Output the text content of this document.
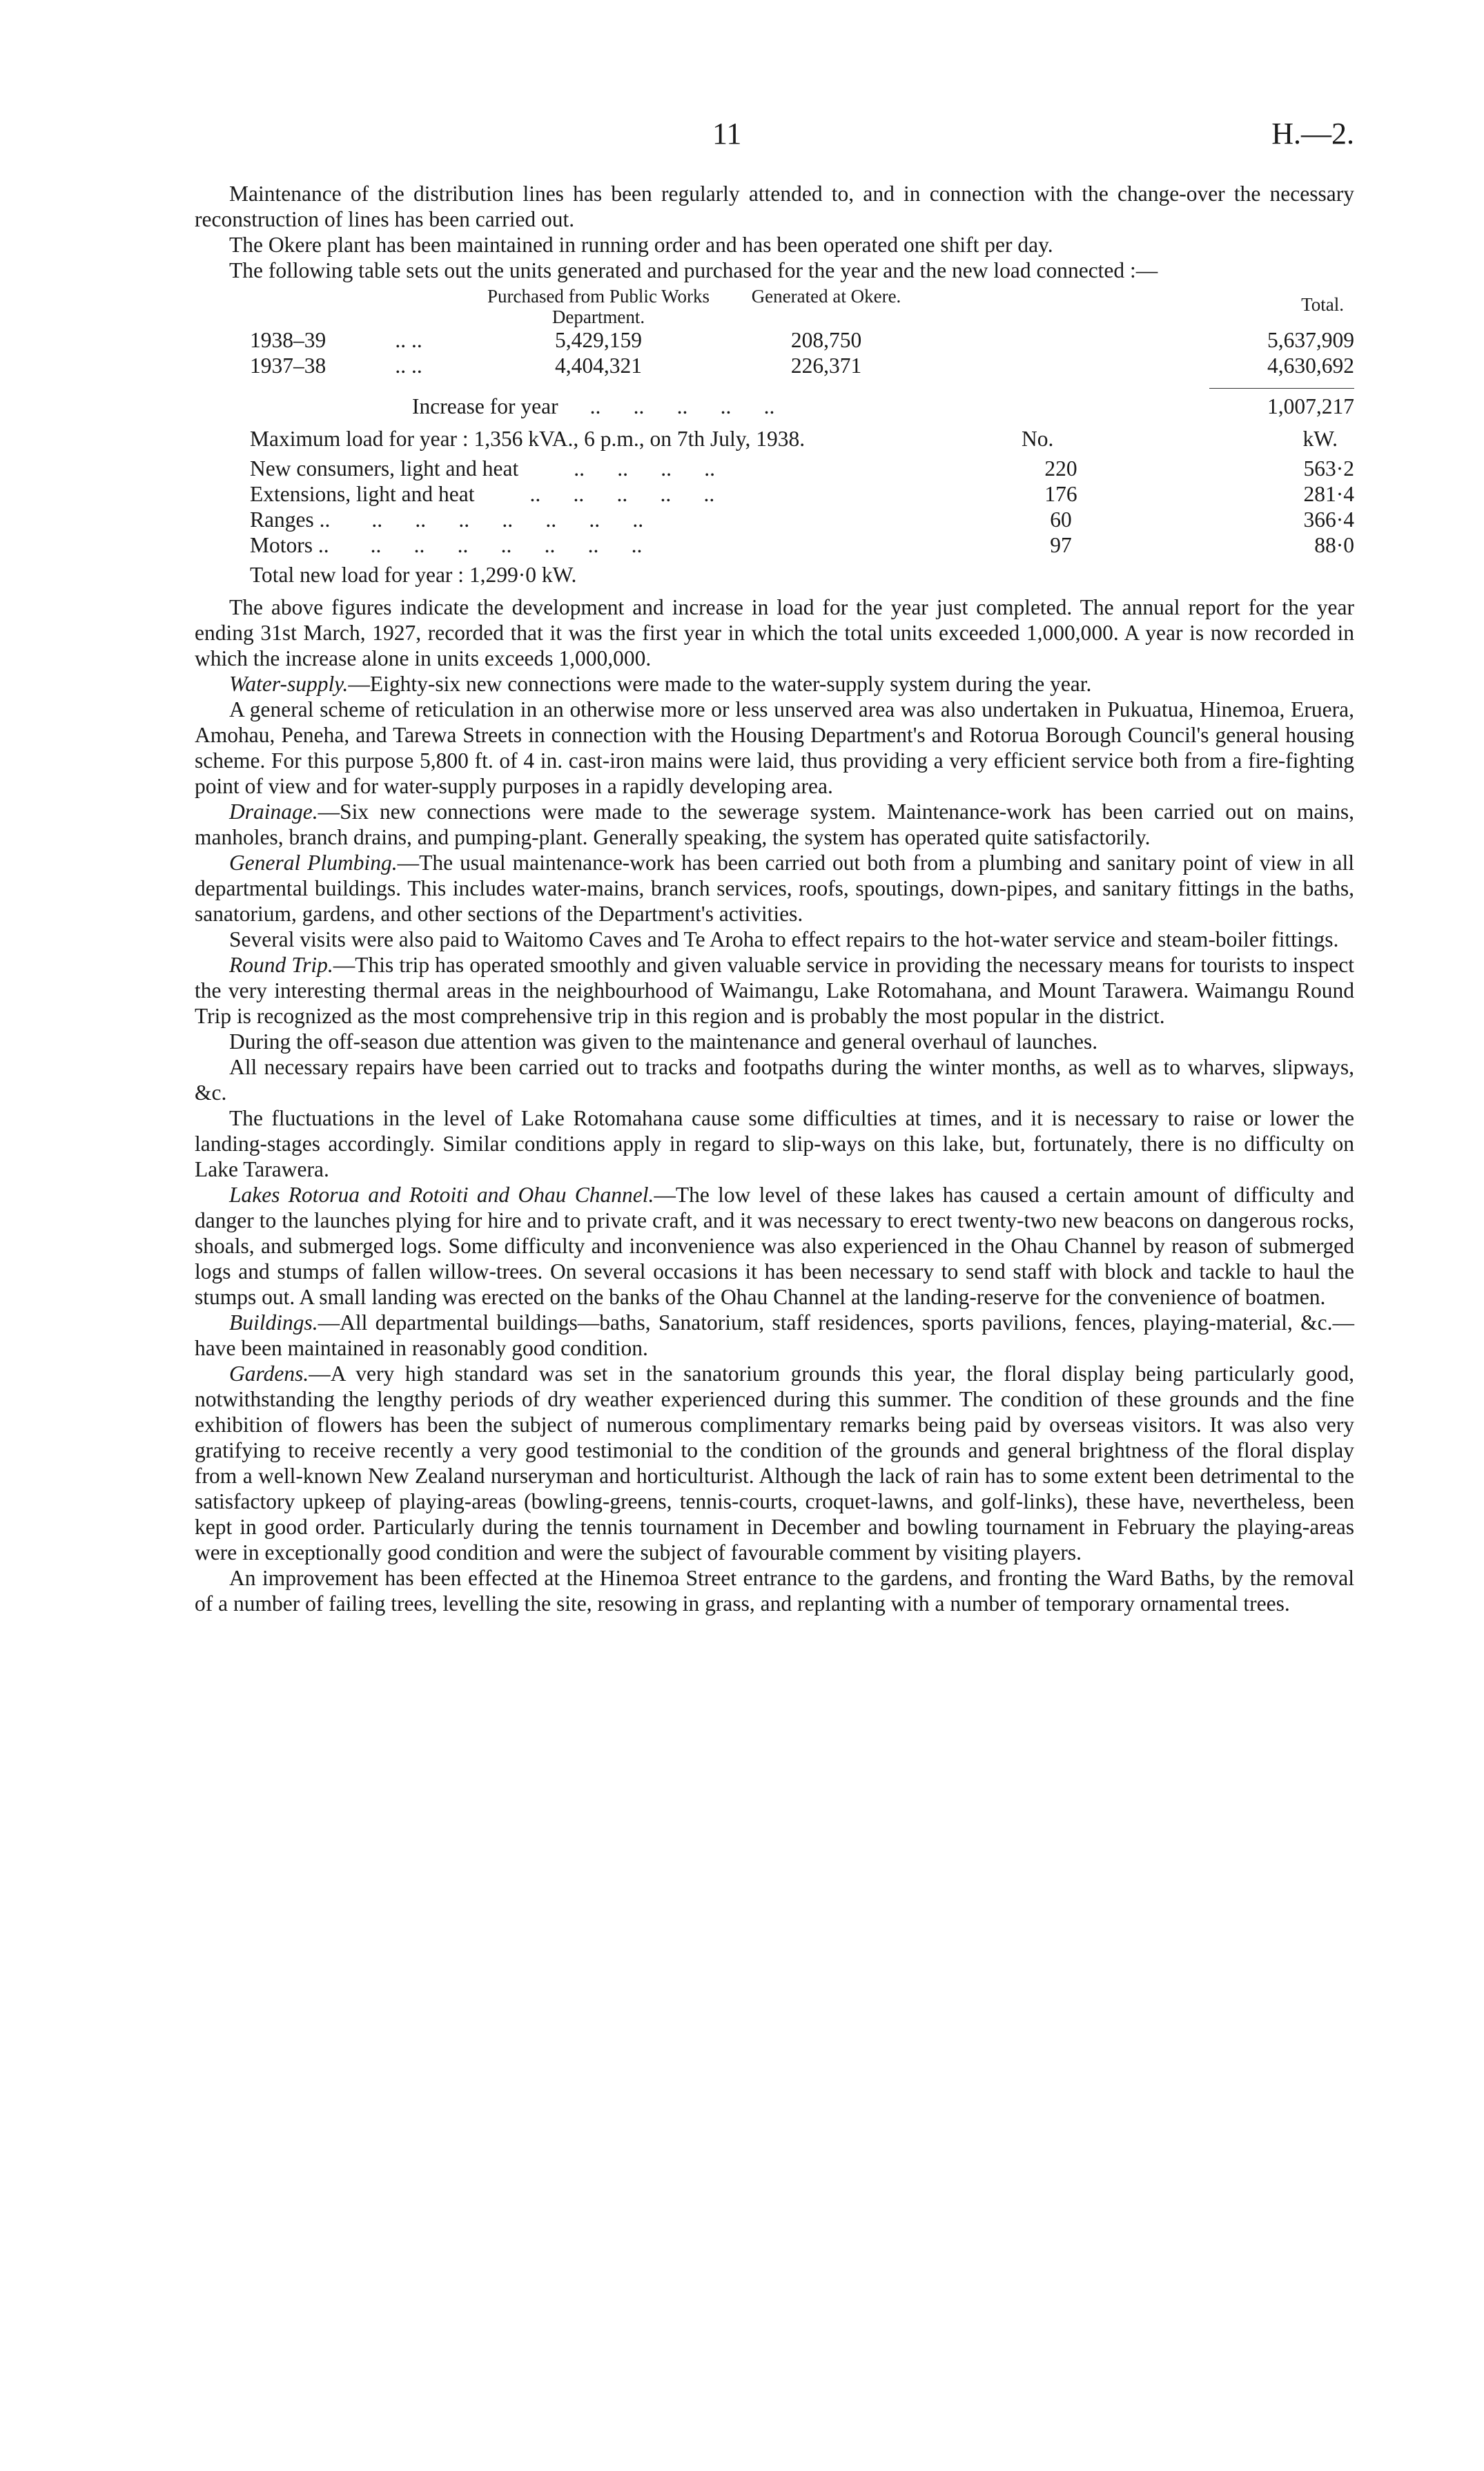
11	H.—2.

Maintenance of the distribution lines has been regularly attended to, and in connection with the change-over the necessary reconstruction of lines has been carried out.

The Okere plant has been maintained in running order and has been operated one shift per day.

The following table sets out the units generated and purchased for the year and the new load connected :—

		Purchased from Public Works Department.	Generated at Okere.	Total.
1938–39	.. ..	5,429,159	208,750	5,637,909
1937–38	.. ..	4,404,321	226,371	4,630,692

	Increase for year ..      ..      ..      ..      ..			1,007,217
Maximum load for year : 1,356 kVA., 6 p.m., on 7th July, 1938.	No.	kW.

New consumers, light and heat ..      ..      ..      ..	220	563·2
Extensions, light and heat ..      ..      ..      ..      ..	176	281·4
Ranges .. ..      ..      ..      ..      ..      ..      ..	60	366·4
Motors .. ..      ..      ..      ..      ..      ..      ..	97	88·0

Total new load for year : 1,299·0 kW.		

The above figures indicate the development and increase in load for the year just completed. The annual report for the year ending 31st March, 1927, recorded that it was the first year in which the total units exceeded 1,000,000. A year is now recorded in which the increase alone in units exceeds 1,000,000.

Water-supply.—Eighty-six new connections were made to the water-supply system during the year.

A general scheme of reticulation in an otherwise more or less unserved area was also undertaken in Pukuatua, Hinemoa, Eruera, Amohau, Peneha, and Tarewa Streets in connection with the Housing Department's and Rotorua Borough Council's general housing scheme. For this purpose 5,800 ft. of 4 in. cast-iron mains were laid, thus providing a very efficient service both from a fire-fighting point of view and for water-supply purposes in a rapidly developing area.

Drainage.—Six new connections were made to the sewerage system. Maintenance-work has been carried out on mains, manholes, branch drains, and pumping-plant. Generally speaking, the system has operated quite satisfactorily.

General Plumbing.—The usual maintenance-work has been carried out both from a plumbing and sanitary point of view in all departmental buildings. This includes water-mains, branch services, roofs, spoutings, down-pipes, and sanitary fittings in the baths, sanatorium, gardens, and other sections of the Department's activities.

Several visits were also paid to Waitomo Caves and Te Aroha to effect repairs to the hot-water service and steam-boiler fittings.

Round Trip.—This trip has operated smoothly and given valuable service in providing the necessary means for tourists to inspect the very interesting thermal areas in the neighbourhood of Waimangu, Lake Rotomahana, and Mount Tarawera. Waimangu Round Trip is recognized as the most comprehensive trip in this region and is probably the most popular in the district.

During the off-season due attention was given to the maintenance and general overhaul of launches.

All necessary repairs have been carried out to tracks and footpaths during the winter months, as well as to wharves, slipways, &c.

The fluctuations in the level of Lake Rotomahana cause some difficulties at times, and it is necessary to raise or lower the landing-stages accordingly. Similar conditions apply in regard to slip-ways on this lake, but, fortunately, there is no difficulty on Lake Tarawera.

Lakes Rotorua and Rotoiti and Ohau Channel.—The low level of these lakes has caused a certain amount of difficulty and danger to the launches plying for hire and to private craft, and it was necessary to erect twenty-two new beacons on dangerous rocks, shoals, and submerged logs. Some difficulty and inconvenience was also experienced in the Ohau Channel by reason of submerged logs and stumps of fallen willow-trees. On several occasions it has been necessary to send staff with block and tackle to haul the stumps out. A small landing was erected on the banks of the Ohau Channel at the landing-reserve for the convenience of boatmen.

Buildings.—All departmental buildings—baths, Sanatorium, staff residences, sports pavilions, fences, playing-material, &c.—have been maintained in reasonably good condition.

Gardens.—A very high standard was set in the sanatorium grounds this year, the floral display being particularly good, notwithstanding the lengthy periods of dry weather experienced during this summer. The condition of these grounds and the fine exhibition of flowers has been the subject of numerous complimentary remarks being paid by overseas visitors. It was also very gratifying to receive recently a very good testimonial to the condition of the grounds and general brightness of the floral display from a well-known New Zealand nurseryman and horticulturist. Although the lack of rain has to some extent been detrimental to the satisfactory upkeep of playing-areas (bowling-greens, tennis-courts, croquet-lawns, and golf-links), these have, nevertheless, been kept in good order. Particularly during the tennis tournament in December and bowling tournament in February the playing-areas were in exceptionally good condition and were the subject of favourable comment by visiting players.

An improvement has been effected at the Hinemoa Street entrance to the gardens, and fronting the Ward Baths, by the removal of a number of failing trees, levelling the site, resowing in grass, and replanting with a number of temporary ornamental trees.
